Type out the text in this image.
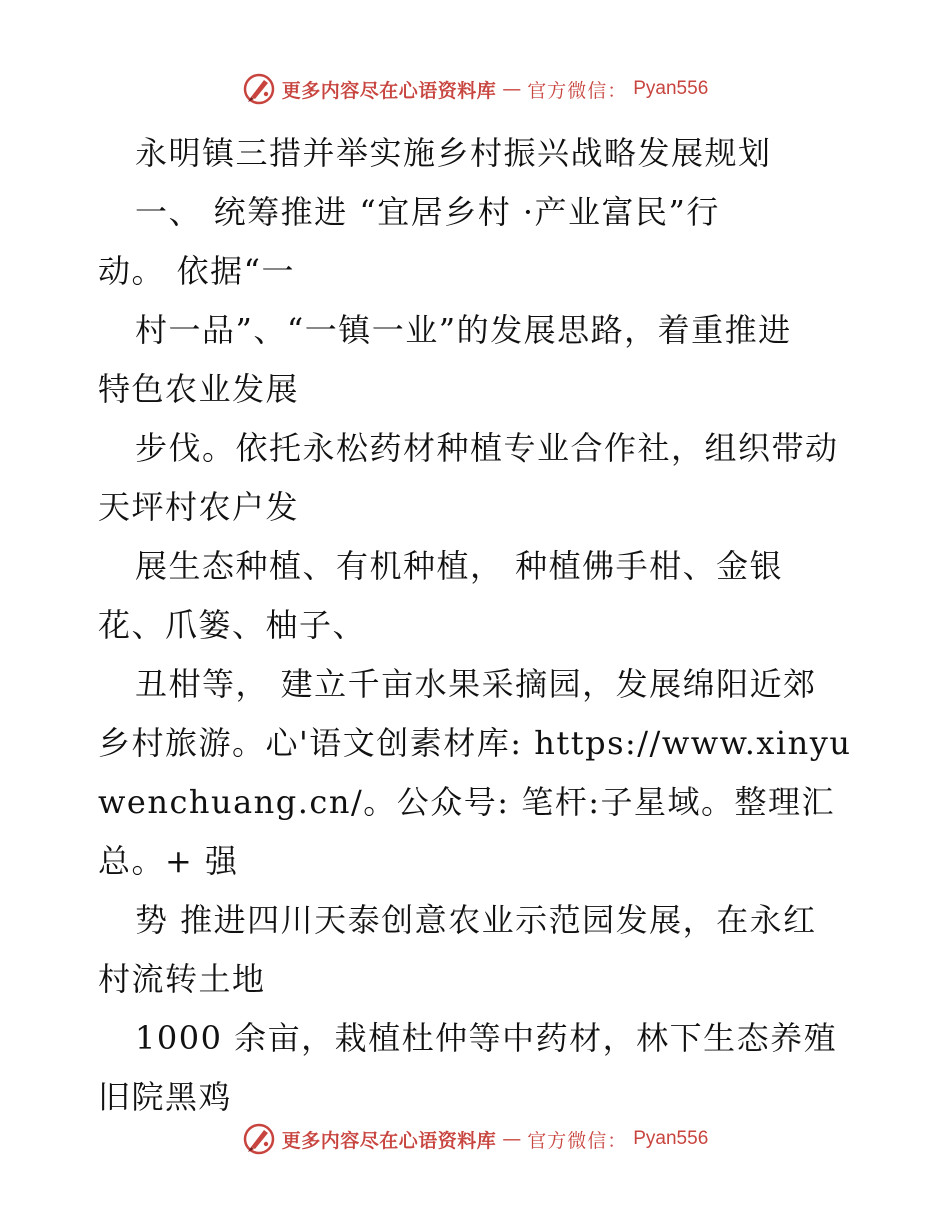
更多内容尽在心语资料库 — 官方微信： Pyan556
永明镇三措并举实施乡村振兴战略发展规划
一、 统筹推进 “宜居乡村 ·产业富民”行
动。 依据“一
村一品”、“一镇一业”的发展思路，着重推进
特色农业发展
步伐。依托永松药材种植专业合作社，组织带动
天坪村农户发
展生态种植、有机种植， 种植佛手柑、金银
花、爪篓、柚子、
丑柑等， 建立千亩水果采摘园，发展绵阳近郊
乡村旅游。心'语文创素材库: https://www.xinyu
wenchuang.cn/。公众号: 笔杆:子星域。整理汇
总。+ 强
势 推进四川天泰创意农业示范园发展，在永红
村流转土地
1000 余亩，栽植杜仲等中药材，林下生态养殖
旧院黑鸡
更多内容尽在心语资料库 — 官方微信： Pyan556
